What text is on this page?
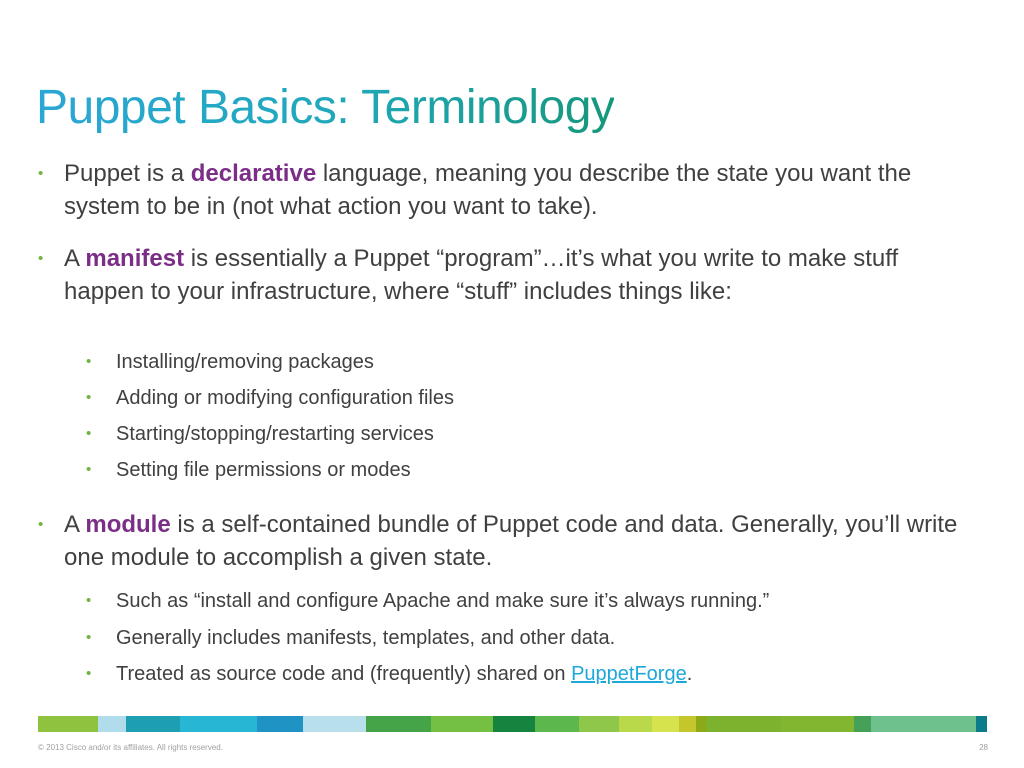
Puppet Basics: Terminology
• Puppet is a declarative language, meaning you describe the state you want the system to be in (not what action you want to take).
• A manifest is essentially a Puppet “program”…it’s what you write to make stuff happen to your infrastructure, where “stuff” includes things like:
• Installing/removing packages
• Adding or modifying configuration files
• Starting/stopping/restarting services
• Setting file permissions or modes
• A module is a self-contained bundle of Puppet code and data. Generally, you’ll write one module to accomplish a given state.
• Such as “install and configure Apache and make sure it’s always running.”
• Generally includes manifests, templates, and other data.
• Treated as source code and (frequently) shared on PuppetForge.
© 2013 Cisco and/or its affiliates. All rights reserved.	28
